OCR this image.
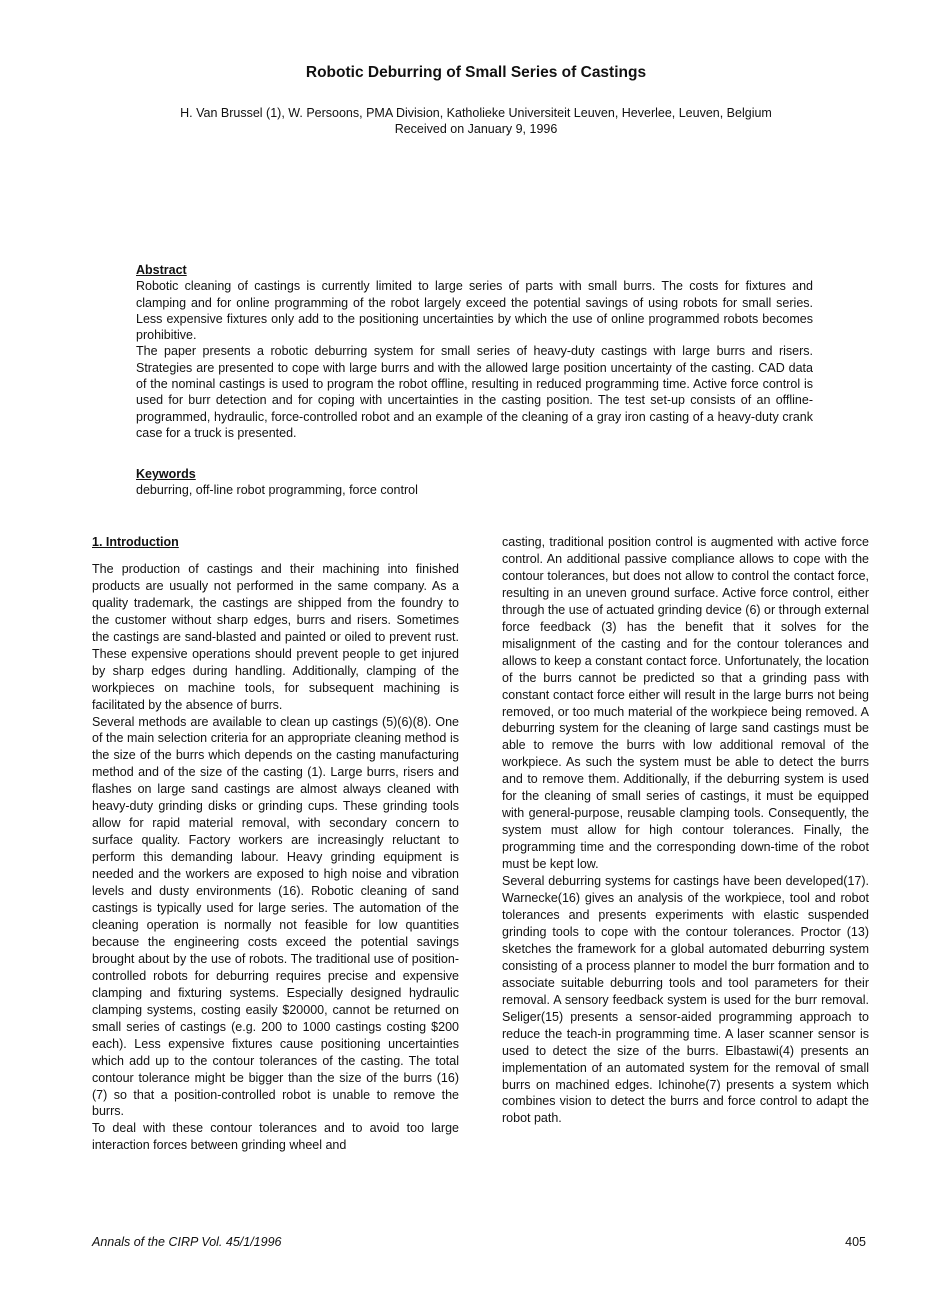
Robotic Deburring of Small Series of Castings
H. Van Brussel (1), W. Persoons, PMA Division, Katholieke Universiteit Leuven, Heverlee, Leuven, Belgium
Received on January 9, 1996
Abstract

Robotic cleaning of castings is currently limited to large series of parts with small burrs. The costs for fixtures and clamping and for online programming of the robot largely exceed the potential savings of using robots for small series. Less expensive fixtures only add to the positioning uncertainties by which the use of online programmed robots becomes prohibitive.

The paper presents a robotic deburring system for small series of heavy-duty castings with large burrs and risers. Strategies are presented to cope with large burrs and with the allowed large position uncertainty of the casting. CAD data of the nominal castings is used to program the robot offline, resulting in reduced programming time. Active force control is used for burr detection and for coping with uncertainties in the casting position. The test set-up consists of an offline-programmed, hydraulic, force-controlled robot and an example of the cleaning of a gray iron casting of a heavy-duty crank case for a truck is presented.

Keywords
deburring, off-line robot programming, force control
1. Introduction

The production of castings and their machining into finished products are usually not performed in the same company. As a quality trademark, the castings are shipped from the foundry to the customer without sharp edges, burrs and risers. Sometimes the castings are sand-blasted and painted or oiled to prevent rust. These expensive operations should prevent people to get injured by sharp edges during handling. Additionally, clamping of the workpieces on machine tools, for subsequent machining is facilitated by the absence of burrs.

Several methods are available to clean up castings (5)(6)(8). One of the main selection criteria for an appropriate cleaning method is the size of the burrs which depends on the casting manufacturing method and of the size of the casting (1). Large burrs, risers and flashes on large sand castings are almost always cleaned with heavy-duty grinding disks or grinding cups. These grinding tools allow for rapid material removal, with secondary concern to surface quality. Factory workers are increasingly reluctant to perform this demanding labour. Heavy grinding equipment is needed and the workers are exposed to high noise and vibration levels and dusty environments (16). Robotic cleaning of sand castings is typically used for large series. The automation of the cleaning operation is normally not feasible for low quantities because the engineering costs exceed the potential savings brought about by the use of robots. The traditional use of position-controlled robots for deburring requires precise and expensive clamping and fixturing systems. Especially designed hydraulic clamping systems, costing easily $20000, cannot be returned on small series of castings (e.g. 200 to 1000 castings costing $200 each). Less expensive fixtures cause positioning uncertainties which add up to the contour tolerances of the casting. The total contour tolerance might be bigger than the size of the burrs (16)(7) so that a position-controlled robot is unable to remove the burrs.

To deal with these contour tolerances and to avoid too large interaction forces between grinding wheel and

casting, traditional position control is augmented with active force control. An additional passive compliance allows to cope with the contour tolerances, but does not allow to control the contact force, resulting in an uneven ground surface. Active force control, either through the use of actuated grinding device (6) or through external force feedback (3) has the benefit that it solves for the misalignment of the casting and for the contour tolerances and allows to keep a constant contact force. Unfortunately, the location of the burrs cannot be predicted so that a grinding pass with constant contact force either will result in the large burrs not being removed, or too much material of the workpiece being removed. A deburring system for the cleaning of large sand castings must be able to remove the burrs with low additional removal of the workpiece. As such the system must be able to detect the burrs and to remove them. Additionally, if the deburring system is used for the cleaning of small series of castings, it must be equipped with general-purpose, reusable clamping tools. Consequently, the system must allow for high contour tolerances. Finally, the programming time and the corresponding down-time of the robot must be kept low.

Several deburring systems for castings have been developed(17). Warnecke(16) gives an analysis of the workpiece, tool and robot tolerances and presents experiments with elastic suspended grinding tools to cope with the contour tolerances. Proctor (13) sketches the framework for a global automated deburring system consisting of a process planner to model the burr formation and to associate suitable deburring tools and tool parameters for their removal. A sensory feedback system is used for the burr removal. Seliger(15) presents a sensor-aided programming approach to reduce the teach-in programming time. A laser scanner sensor is used to detect the size of the burrs. Elbastawi(4) presents an implementation of an automated system for the removal of small burrs on machined edges. Ichinohe(7) presents a system which combines vision to detect the burrs and force control to adapt the robot path.

Annals of the CIRP Vol. 45/1/1996	405
